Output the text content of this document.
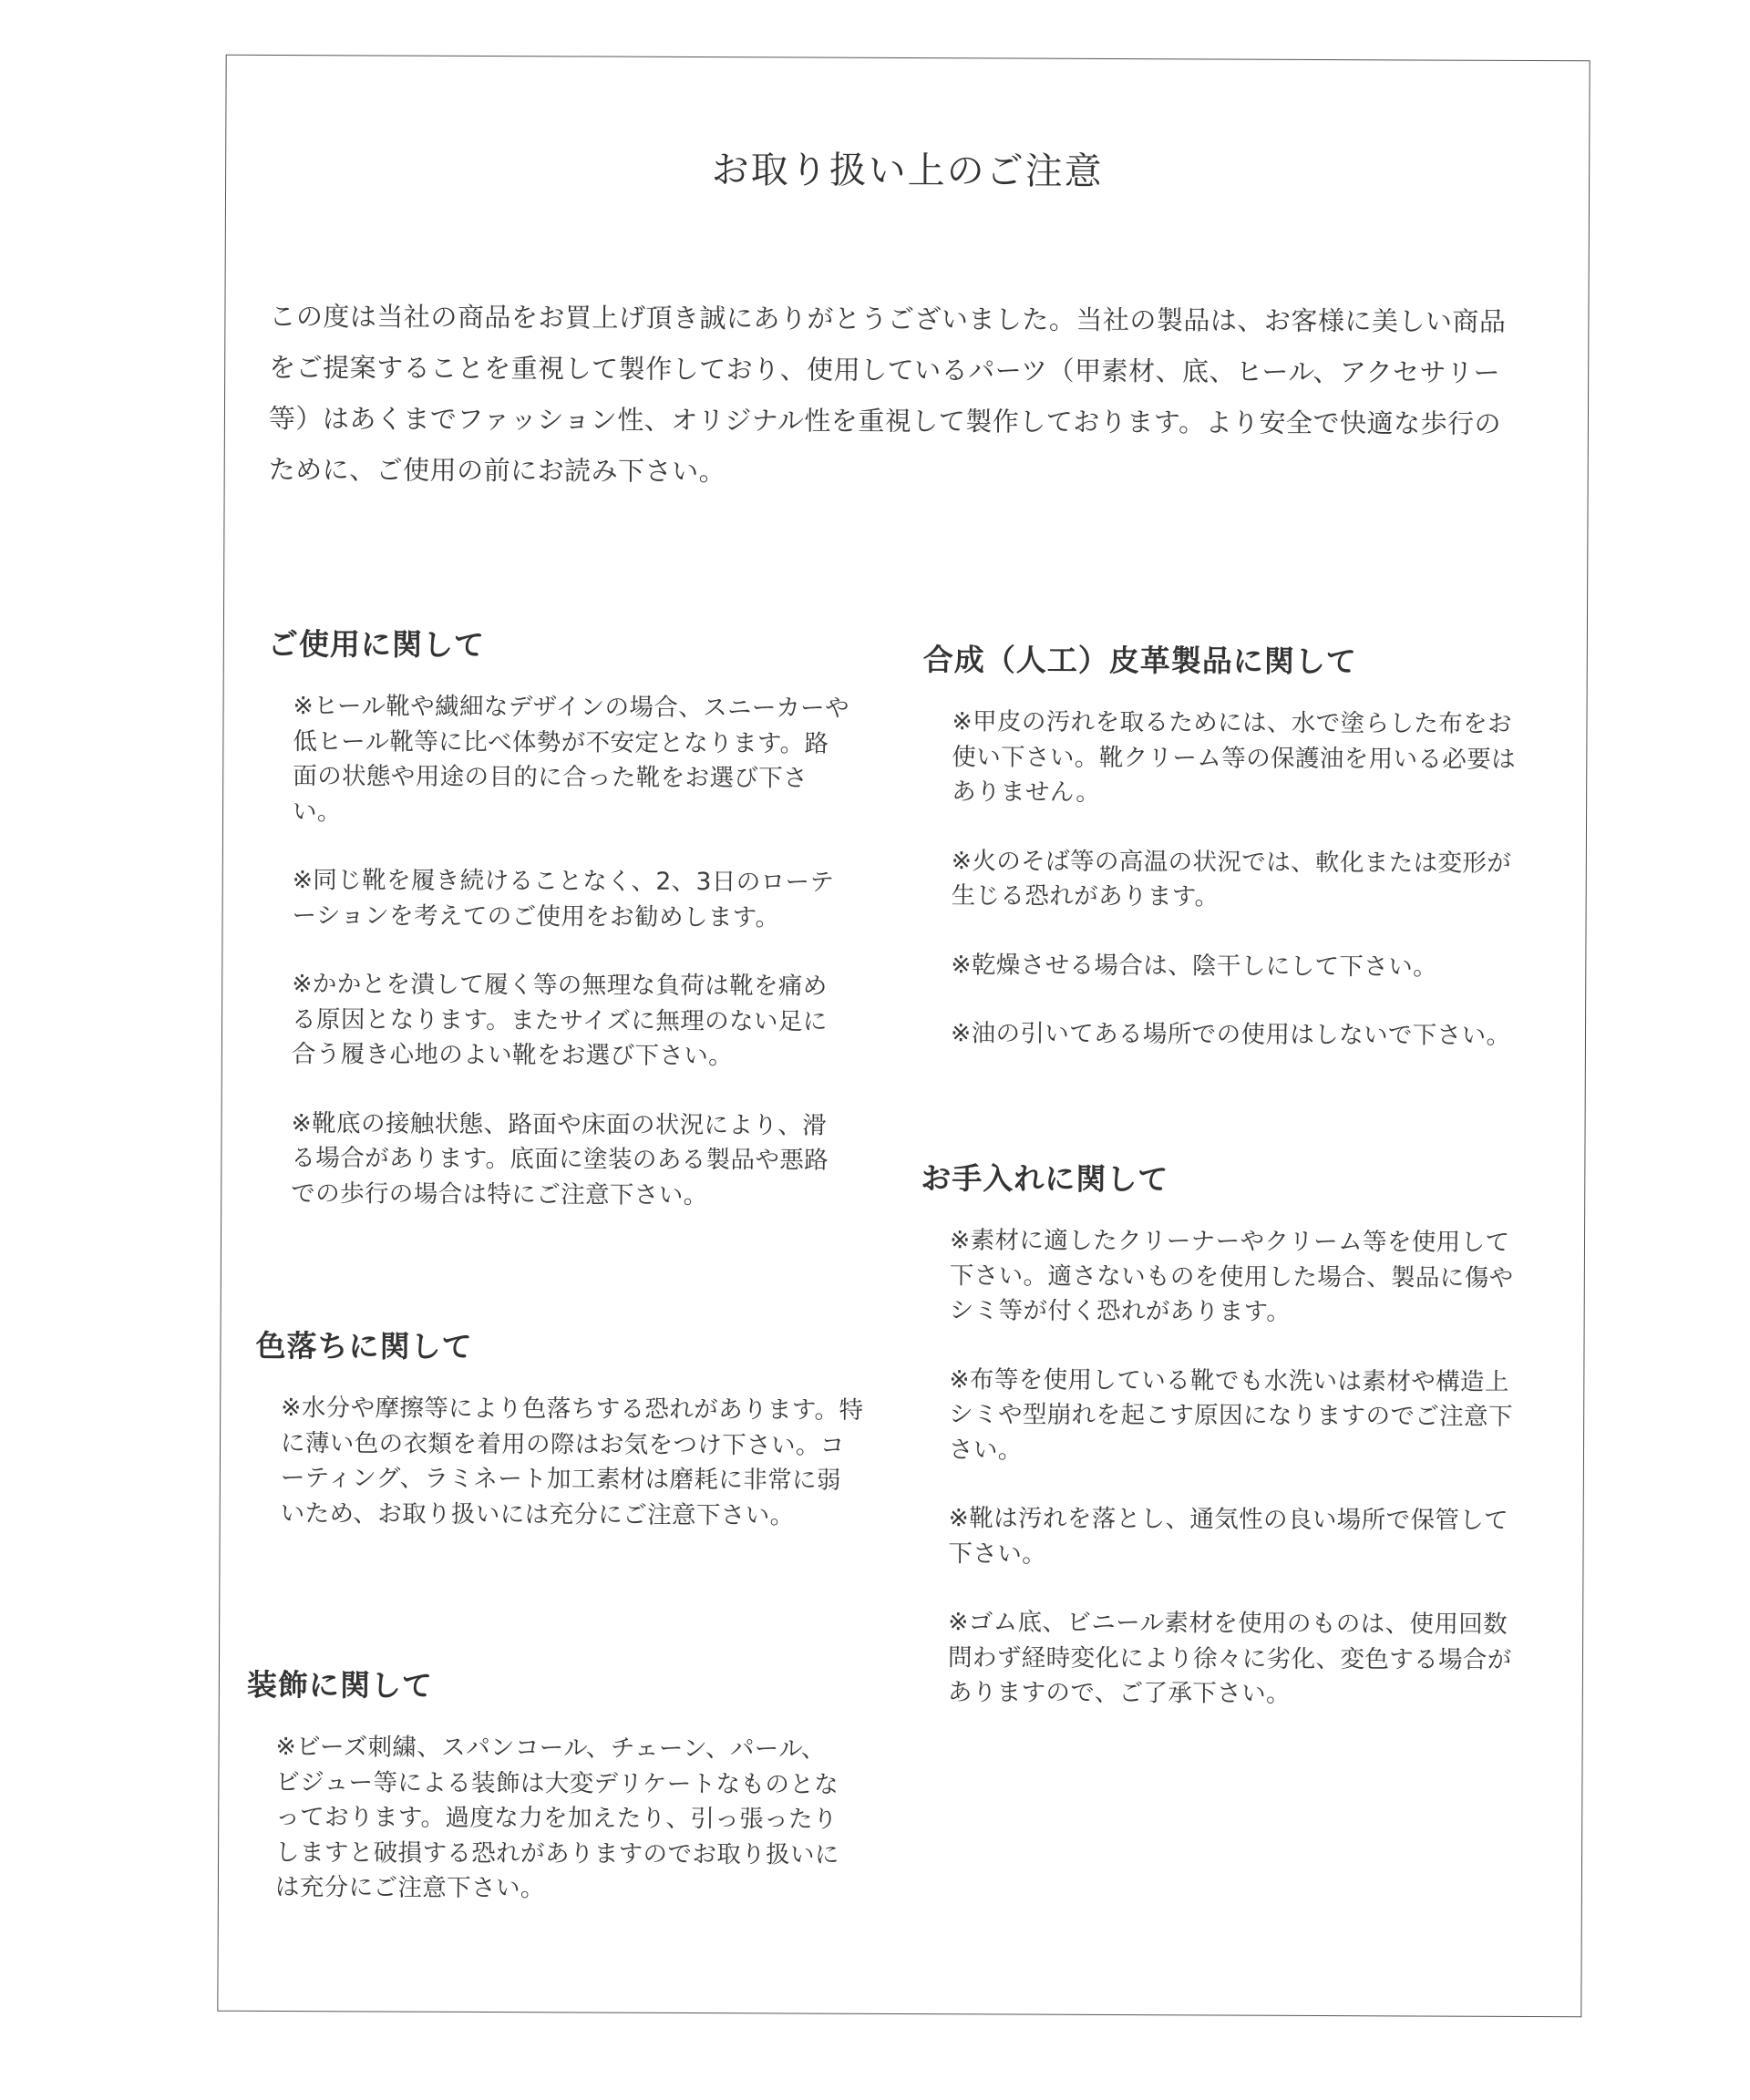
お取り扱い上のご注意
この度は当社の商品をお買上げ頂き誠にありがとうございました。当社の製品は、お客様に美しい商品をご提案することを重視して製作しており、使用しているパーツ（甲素材、底、ヒール、アクセサリー等）はあくまでファッション性、オリジナル性を重視して製作しております。より安全で快適な歩行のために、ご使用の前にお読み下さい。
ご使用に関して

※ヒール靴や繊細なデザインの場合、スニーカーや低ヒール靴等に比べ体勢が不安定となります。路面の状態や用途の目的に合った靴をお選び下さい。

※同じ靴を履き続けることなく、2、3日のローテーションを考えてのご使用をお勧めします。

※かかとを潰して履く等の無理な負荷は靴を痛める原因となります。またサイズに無理のない足に合う履き心地のよい靴をお選び下さい。

※靴底の接触状態、路面や床面の状況により、滑る場合があります。底面に塗装のある製品や悪路での歩行の場合は特にご注意下さい。

色落ちに関して

※水分や摩擦等により色落ちする恐れがあります。特に薄い色の衣類を着用の際はお気をつけ下さい。コーティング、ラミネート加工素材は磨耗に非常に弱いため、お取り扱いには充分にご注意下さい。

装飾に関して

※ビーズ刺繍、スパンコール、チェーン、パール、ビジュー等による装飾は大変デリケートなものとなっております。過度な力を加えたり、引っ張ったりしますと破損する恐れがありますのでお取り扱いには充分にご注意下さい。

合成（人工）皮革製品に関して

※甲皮の汚れを取るためには、水で塗らした布をお使い下さい。靴クリーム等の保護油を用いる必要はありません。

※火のそば等の高温の状況では、軟化または変形が生じる恐れがあります。

※乾燥させる場合は、陰干しにして下さい。

※油の引いてある場所での使用はしないで下さい。

お手入れに関して

※素材に適したクリーナーやクリーム等を使用して下さい。適さないものを使用した場合、製品に傷やシミ等が付く恐れがあります。

※布等を使用している靴でも水洗いは素材や構造上シミや型崩れを起こす原因になりますのでご注意下さい。

※靴は汚れを落とし、通気性の良い場所で保管して下さい。

※ゴム底、ビニール素材を使用のものは、使用回数問わず経時変化により徐々に劣化、変色する場合がありますので、ご了承下さい。
